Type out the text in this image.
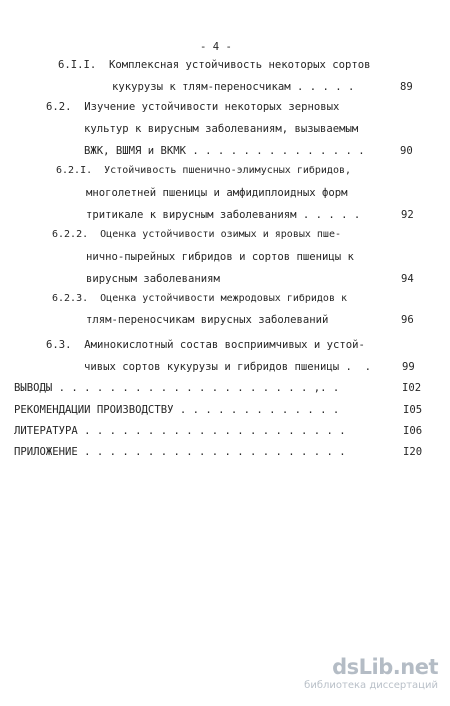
- 4 -
6.I.I.  Комплексная устойчивость некоторых сортов
кукурузы к тлям-переносчикам . . . . .	89
6.2.  Изучение устойчивости некоторых зерновых
культур к вирусным заболеваниям, вызываемым
ВЖК, ВШМЯ и ВКМК . . . . . . . . . . . . . .	90
6.2.I.  Устойчивость пшенично-элимусных гибридов,
многолетней пшеницы и амфидиплоидных форм
тритикале к вирусным заболеваниям . . . . .	92
6.2.2.  Оценка устойчивости озимых и яровых пше-
нично-пырейных гибридов и сортов пшеницы к
вирусным заболеваниям	94
6.2.3.  Оценка устойчивости межродовых гибридов к
тлям-переносчикам вирусных заболеваний	96
6.3.  Аминокислотный состав восприимчивых и устой-
чивых сортов кукурузы и гибридов пшеницы .  .	99
ВЫВОДЫ . . . . . . . . . . . . . . . . . . . . ,. .	I02
РЕКОМЕНДАЦИИ ПРОИЗВОДСТВУ . . . . . . . . . . . . .	I05
ЛИТЕРАТУРА . . . . . . . . . . . . . . . . . . . . .	I06
ПРИЛОЖЕНИЕ . . . . . . . . . . . . . . . . . . . . .	I20
dsLib.net
библиотека диссертаций
